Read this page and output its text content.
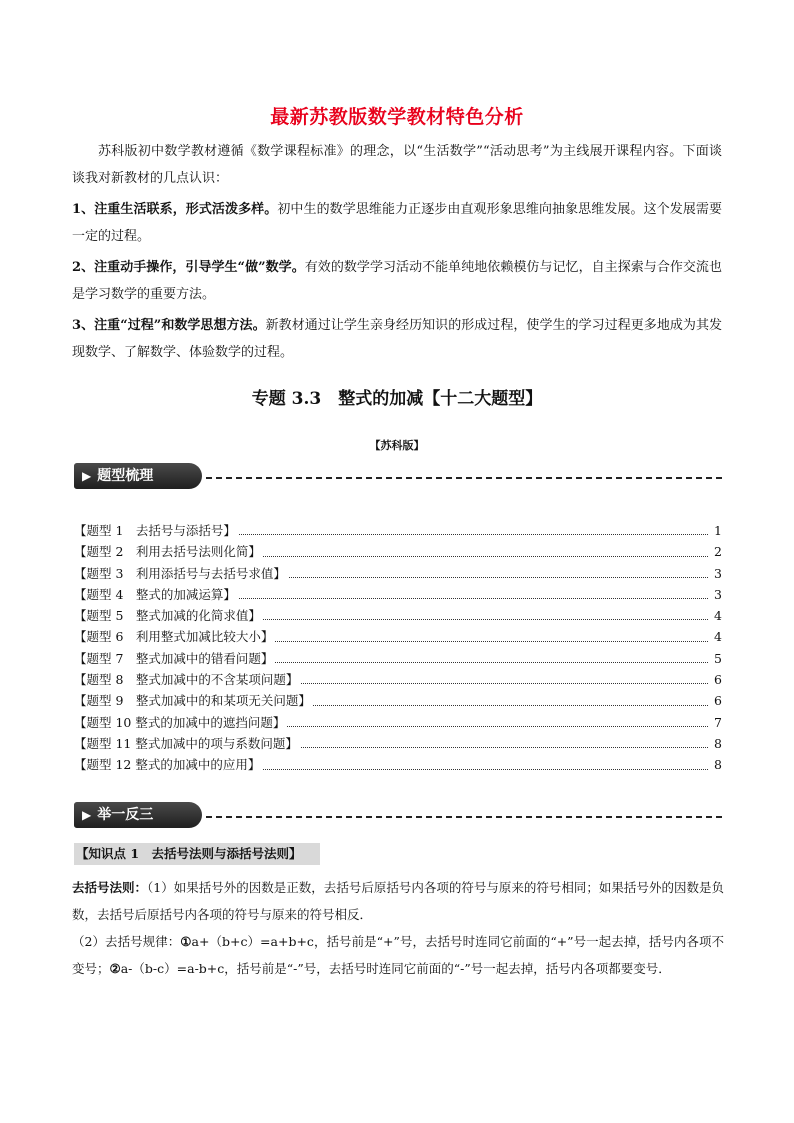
最新苏教版数学教材特色分析

苏科版初中数学教材遵循《数学课程标准》的理念，以“生活数学”“活动思考”为主线展开课程内容。下面谈谈我对新教材的几点认识：

1、注重生活联系，形式活泼多样。初中生的数学思维能力正逐步由直观形象思维向抽象思维发展。这个发展需要一定的过程。

2、注重动手操作，引导学生“做”数学。有效的数学学习活动不能单纯地依赖模仿与记忆，自主探索与合作交流也是学习数学的重要方法。

3、注重“过程”和数学思想方法。新教材通过让学生亲身经历知识的形成过程，使学生的学习过程更多地成为其发现数学、了解数学、体验数学的过程。

专题 3.3　整式的加减【十二大题型】
【苏科版】
▶ 题型梳理
【题型 1　去括号与添括号】	1
【题型 2　利用去括号法则化简】	2
【题型 3　利用添括号与去括号求值】	3
【题型 4　整式的加减运算】	3
【题型 5　整式加减的化简求值】	4
【题型 6　利用整式加减比较大小】	4
【题型 7　整式加减中的错看问题】	5
【题型 8　整式加减中的不含某项问题】	6
【题型 9　整式加减中的和某项无关问题】	6
【题型 10 整式的加减中的遮挡问题】	7
【题型 11 整式加减中的项与系数问题】	8
【题型 12 整式的加减中的应用】	8
▶ 举一反三
【知识点 1　去括号法则与添括号法则】

去括号法则：（1）如果括号外的因数是正数，去括号后原括号内各项的符号与原来的符号相同；如果括号外的因数是负数，去括号后原括号内各项的符号与原来的符号相反．

（2）去括号规律：①a+（b+c）=a+b+c，括号前是“+”号，去括号时连同它前面的“+”号一起去掉，括号内各项不变号；②a-（b-c）=a-b+c，括号前是“-”号，去括号时连同它前面的“-”号一起去掉，括号内各项都要变号．
